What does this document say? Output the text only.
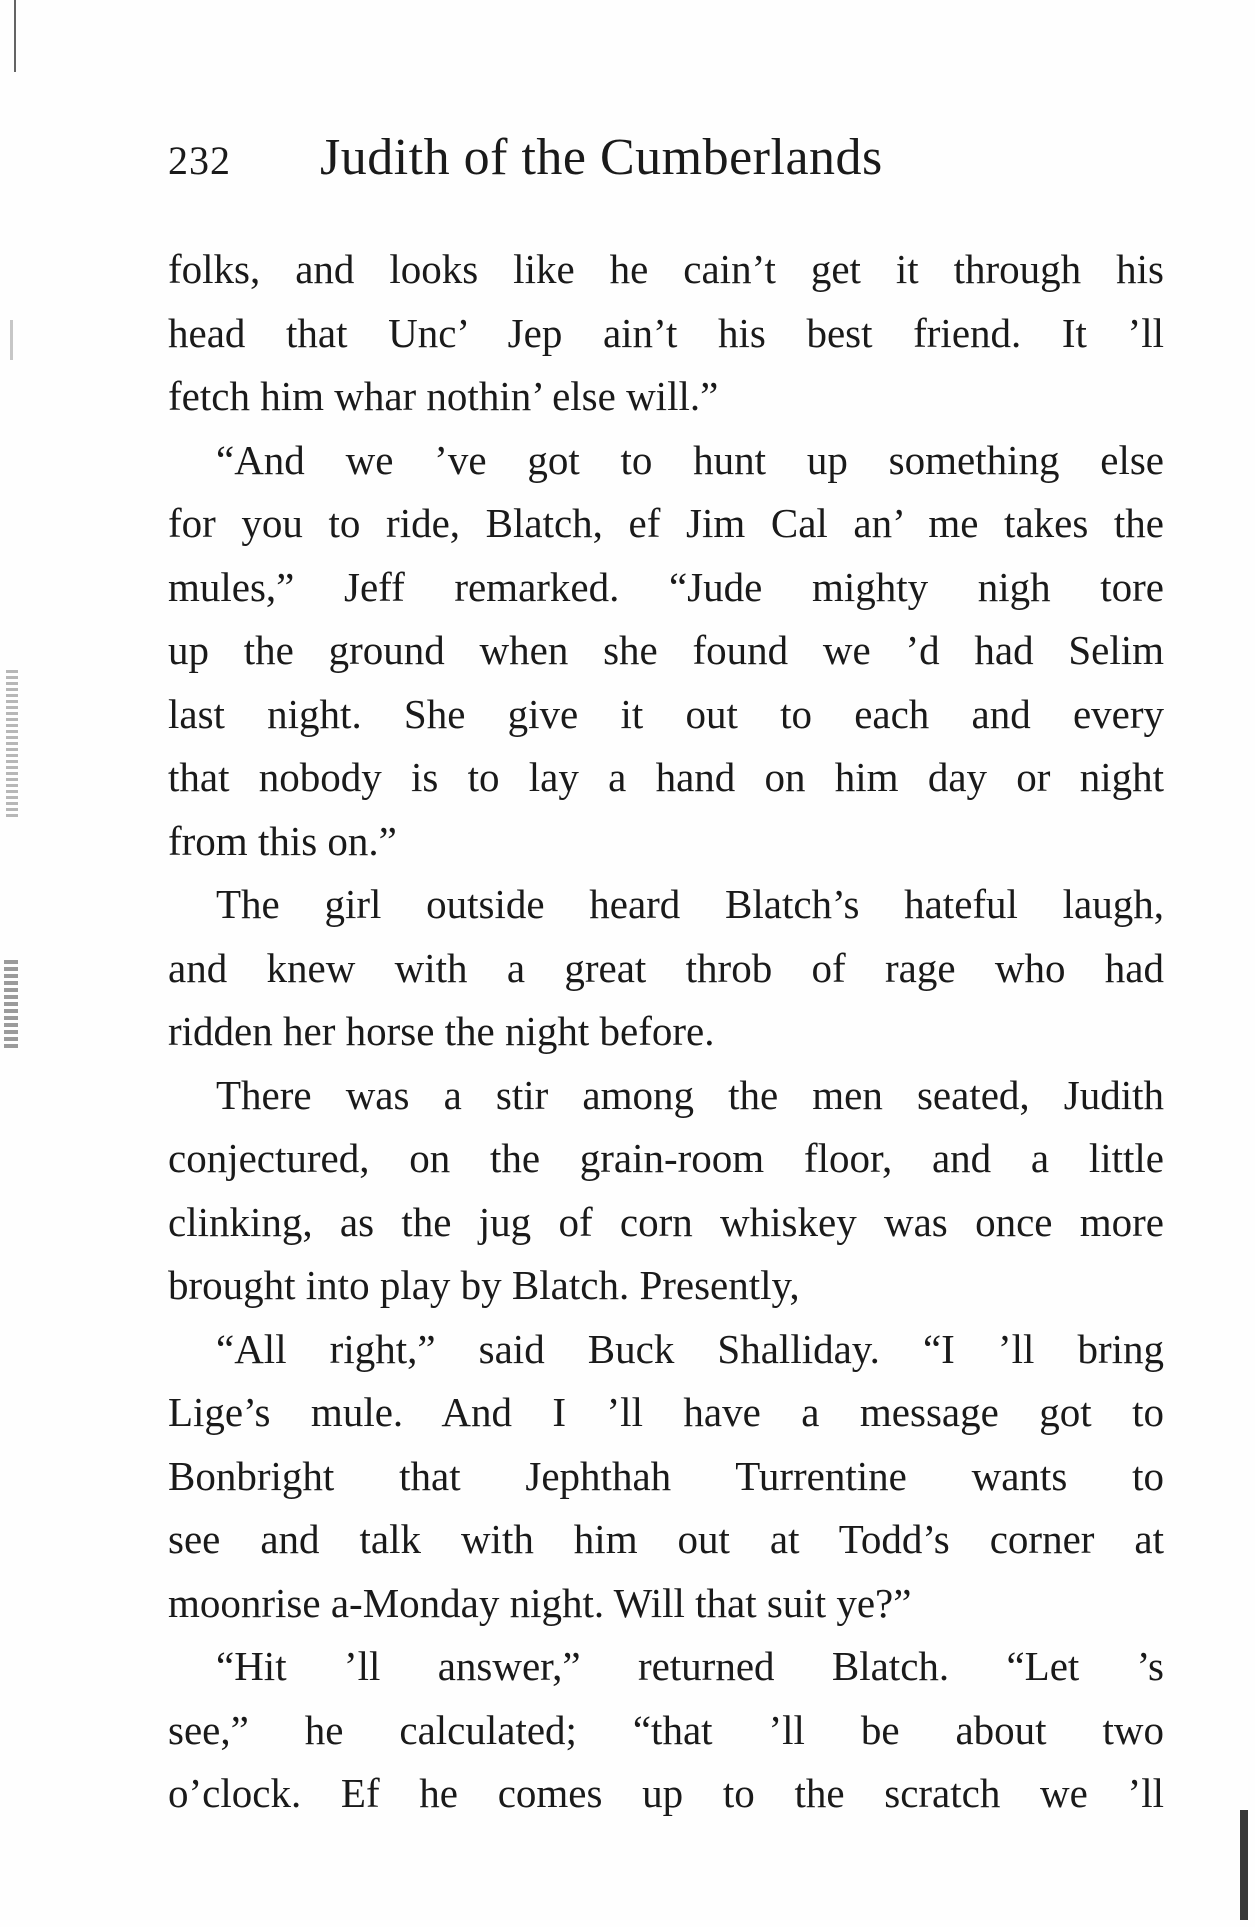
232	Judith of the Cumberlands
folks, and looks like he cain’t get it through his
head that Unc’ Jep ain’t his best friend. It ’ll
fetch him whar nothin’ else will.”
“And we ’ve got to hunt up something else
for you to ride, Blatch, ef Jim Cal an’ me takes the
mules,” Jeff remarked. “Jude mighty nigh tore
up the ground when she found we ’d had Selim
last night. She give it out to each and every
that nobody is to lay a hand on him day or night
from this on.”
The girl outside heard Blatch’s hateful laugh,
and knew with a great throb of rage who had
ridden her horse the night before.
There was a stir among the men seated, Judith
conjectured, on the grain-room floor, and a little
clinking, as the jug of corn whiskey was once more
brought into play by Blatch. Presently,
“All right,” said Buck Shalliday. “I ’ll bring
Lige’s mule. And I ’ll have a message got to
Bonbright that Jephthah Turrentine wants to
see and talk with him out at Todd’s corner at
moonrise a-Monday night. Will that suit ye?”
“Hit ’ll answer,” returned Blatch. “Let ’s
see,” he calculated; “that ’ll be about two
o’clock. Ef he comes up to the scratch we ’ll
